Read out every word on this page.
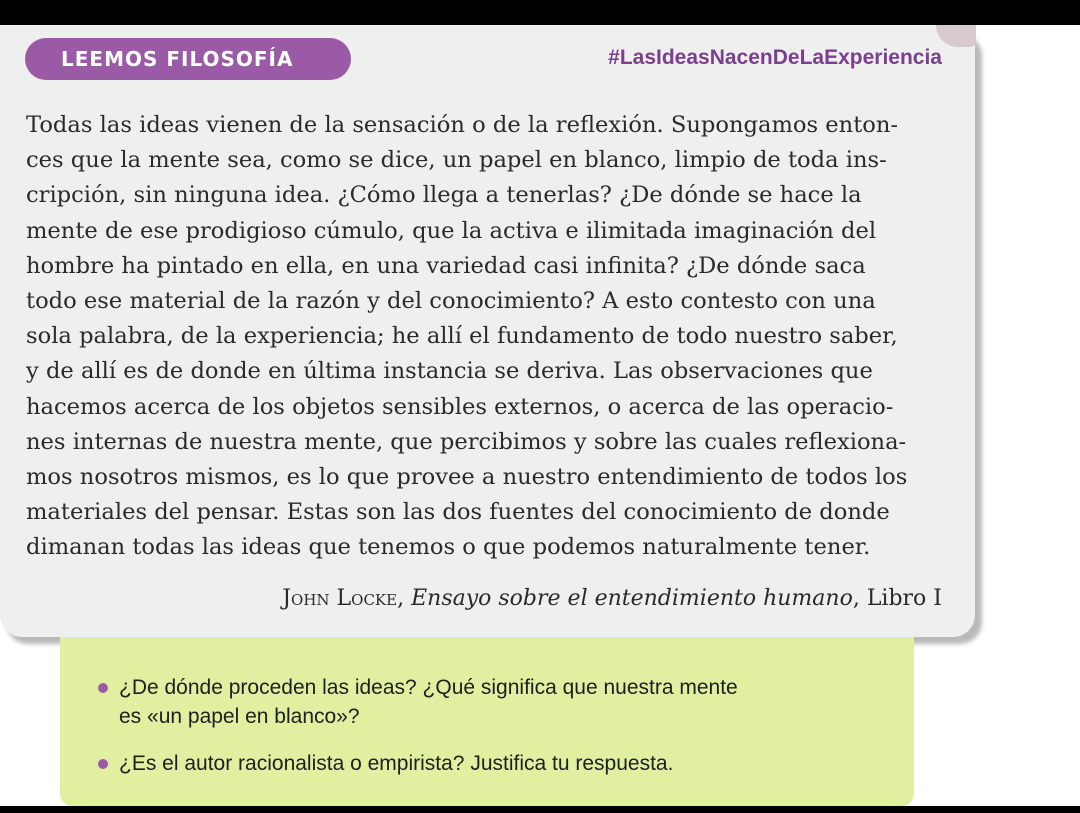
LEEMOS FILOSOFÍA	#LasIdeasNacenDeLaExperiencia

Todas las ideas vienen de la sensación o de la reflexión. Supongamos enton-
ces que la mente sea, como se dice, un papel en blanco, limpio de toda ins-
cripción, sin ninguna idea. ¿Cómo llega a tenerlas? ¿De dónde se hace la
mente de ese prodigioso cúmulo, que la activa e ilimitada imaginación del
hombre ha pintado en ella, en una variedad casi infinita? ¿De dónde saca
todo ese material de la razón y del conocimiento? A esto contesto con una
sola palabra, de la experiencia; he allí el fundamento de todo nuestro saber,
y de allí es de donde en última instancia se deriva. Las observaciones que
hacemos acerca de los objetos sensibles externos, o acerca de las operacio-
nes internas de nuestra mente, que percibimos y sobre las cuales reflexiona-
mos nosotros mismos, es lo que provee a nuestro entendimiento de todos los
materiales del pensar. Estas son las dos fuentes del conocimiento de donde
dimanan todas las ideas que tenemos o que podemos naturalmente tener.

John Locke, Ensayo sobre el entendimiento humano, Libro I
¿De dónde proceden las ideas? ¿Qué significa que nuestra mente
es «un papel en blanco»?
¿Es el autor racionalista o empirista? Justifica tu respuesta.
